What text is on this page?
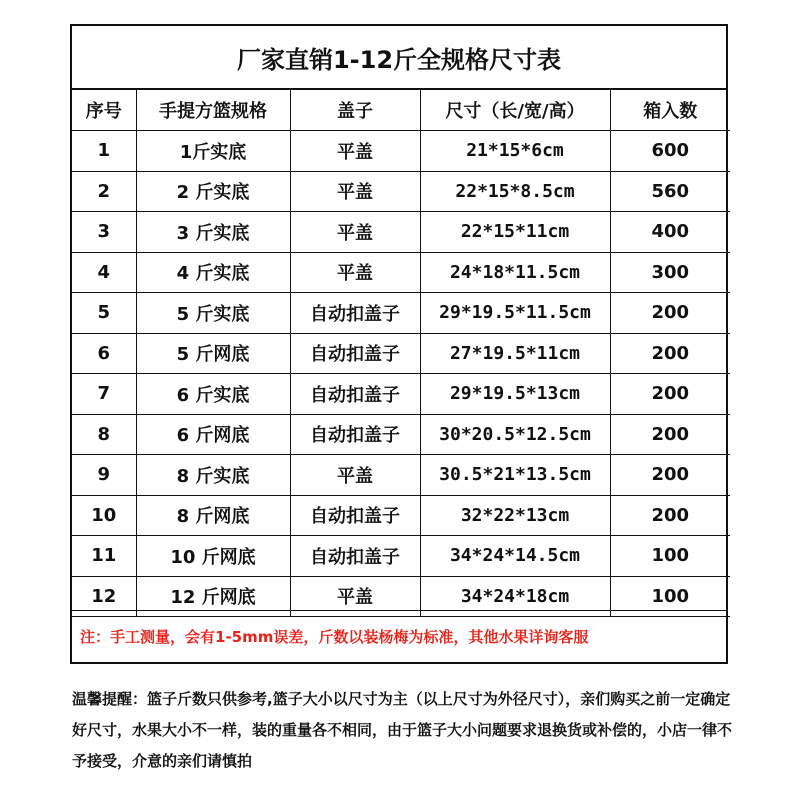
厂家直销1-12斤全规格尺寸表
序号	手提方篮规格	盖子	尺寸（长/宽/高）	箱入数
1	1斤实底	平盖	21*15*6cm	600
2	2 斤实底	平盖	22*15*8.5cm	560
3	3 斤实底	平盖	22*15*11cm	400
4	4 斤实底	平盖	24*18*11.5cm	300
5	5 斤实底	自动扣盖子	29*19.5*11.5cm	200
6	5 斤网底	自动扣盖子	27*19.5*11cm	200
7	6 斤实底	自动扣盖子	29*19.5*13cm	200
8	6 斤网底	自动扣盖子	30*20.5*12.5cm	200
9	8 斤实底	平盖	30.5*21*13.5cm	200
10	8 斤网底	自动扣盖子	32*22*13cm	200
11	10 斤网底	自动扣盖子	34*24*14.5cm	100
12	12 斤网底	平盖	34*24*18cm	100
注：手工测量，会有1-5mm误差，斤数以装杨梅为标准，其他水果详询客服
温馨提醒：篮子斤数只供参考,篮子大小以尺寸为主（以上尺寸为外径尺寸），亲们购买之前一定确定好尺寸，水果大小不一样，装的重量各不相同，由于篮子大小问题要求退换货或补偿的，小店一律不予接受，介意的亲们请慎拍
